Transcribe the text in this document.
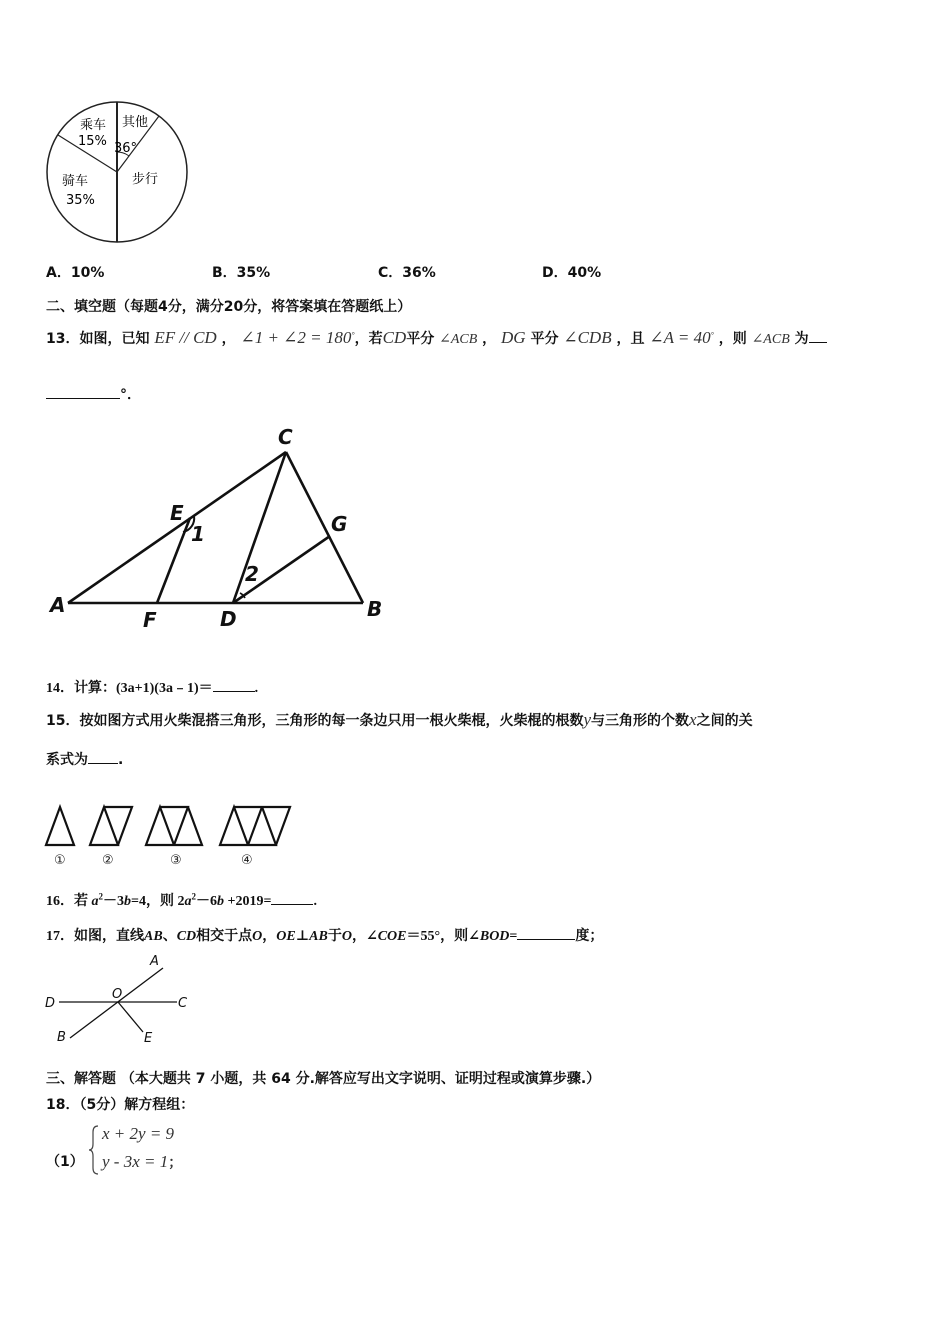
乘车
15%
其他
36°
骑车
35%
步行
A．10%	B．35%	C．36%	D．40%
二、填空题（每题4分，满分20分，将答案填在答题纸上）
13．如图，已知 EF // CD ， ∠1 + ∠2 = 180°，若CD平分 ∠ACB ， DG 平分 ∠CDB ，且 ∠A = 40° ，则 ∠ACB 为
°．
C
E
1	G
2
A
F	D	B
14．计算：(3a+1)(3a﹣1)＝	.
15．按如图方式用火柴混搭三角形，三角形的每一条边只用一根火柴棍，火柴棍的根数y与三角形的个数x之间的关
系式为 .
①	②	③	④
16．若 $a^2-3b=4$，则 $2a^2-6b +2019=$	.
17．如图，直线AB、CD相交于点O，OE⊥AB于O，∠COE＝55°，则∠BOD=	度；
A
O
D	C
B	E
三、解答题 （本大题共 7 小题，共 64 分.解答应写出文字说明、证明过程或演算步骤.）
18．（5分）解方程组：
（1）
x + 2y = 9
y - 3x = 1；
